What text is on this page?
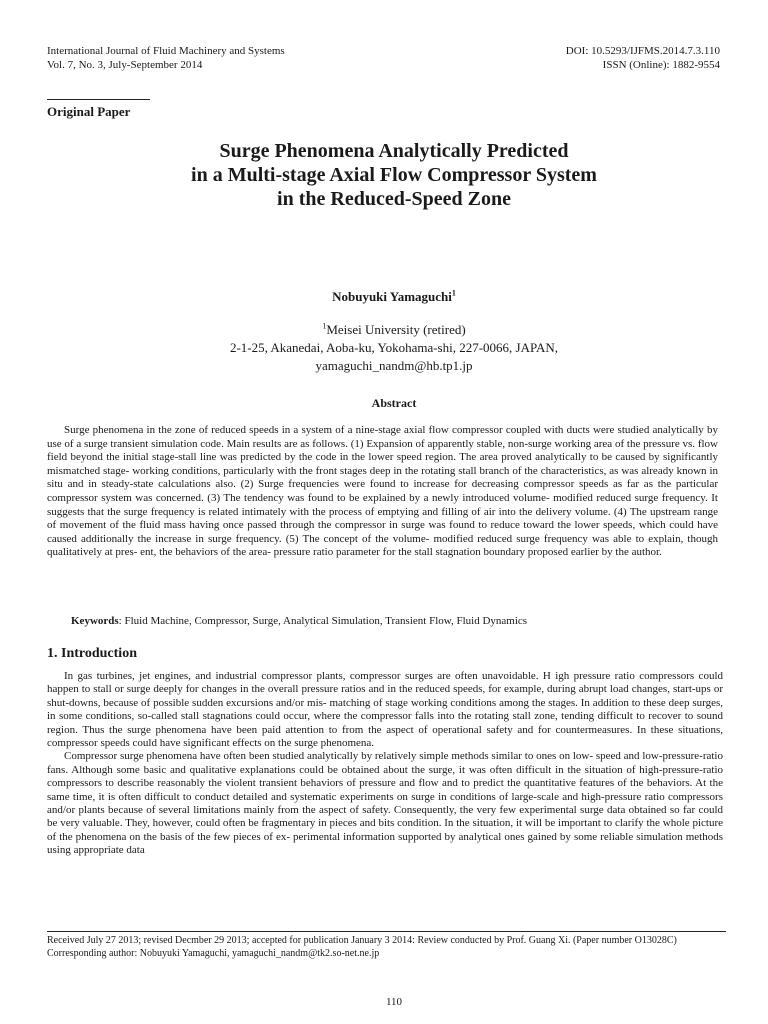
International Journal of Fluid Machinery and Systems
Vol. 7, No. 3, July-September 2014
DOI: 10.5293/IJFMS.2014.7.3.110
ISSN (Online): 1882-9554
Original Paper
Surge Phenomena Analytically Predicted
in a Multi-stage Axial Flow Compressor System
in the Reduced-Speed Zone
Nobuyuki Yamaguchi$^1$
$^1$Meisei University (retired)
2-1-25, Akanedai, Aoba-ku, Yokohama-shi, 227-0066, JAPAN,
yamaguchi_nandm@hb.tp1.jp
Abstract

Surge phenomena in the zone of reduced speeds in a system of a nine-stage axial flow compressor coupled with ducts were studied analytically by use of a surge transient simulation code. Main results are as follows. (1) Expansion of apparently stable, non-surge working area of the pressure vs. flow field beyond the initial stage-stall line was predicted by the code in the lower speed region. The area proved analytically to be caused by significantly mismatched stage- working conditions, particularly with the front stages deep in the rotating stall branch of the characteristics, as was already known in situ and in steady-state calculations also. (2) Surge frequencies were found to increase for decreasing compressor speeds as far as the particular compressor system was concerned. (3) The tendency was found to be explained by a newly introduced volume- modified reduced surge frequency. It suggests that the surge frequency is related intimately with the process of emptying and filling of air into the delivery volume. (4) The upstream range of movement of the fluid mass having once passed through the compressor in surge was found to reduce toward the lower speeds, which could have caused additionally the increase in surge frequency. (5) The concept of the volume- modified reduced surge frequency was able to explain, though qualitatively at pres- ent, the behaviors of the area- pressure ratio parameter for the stall stagnation boundary proposed earlier by the author.

Keywords: Fluid Machine, Compressor, Surge, Analytical Simulation, Transient Flow, Fluid Dynamics
1. Introduction

In gas turbines, jet engines, and industrial compressor plants, compressor surges are often unavoidable. H igh pressure ratio compressors could happen to stall or surge deeply for changes in the overall pressure ratios and in the reduced speeds, for example, during abrupt load changes, start-ups or shut-downs, because of possible sudden excursions and/or mis- matching of stage working conditions among the stages. In addition to these deep surges, in some conditions, so-called stall stagnations could occur, where the compressor falls into the rotating stall zone, tending difficult to recover to sound region. Thus the surge phenomena have been paid attention to from the aspect of operational safety and for countermeasures. In these situations, compressor speeds could have significant effects on the surge phenomena.

Compressor surge phenomena have often been studied analytically by relatively simple methods similar to ones on low- speed and low-pressure-ratio fans. Although some basic and qualitative explanations could be obtained about the surge, it was often difficult in the situation of high-pressure-ratio compressors to describe reasonably the violent transient behaviors of pressure and flow and to predict the quantitative features of the behaviors. At the same time, it is often difficult to conduct detailed and systematic experiments on surge in conditions of large-scale and high-pressure ratio compressors and/or plants because of several limitations mainly from the aspect of safety. Consequently, the very few experimental surge data obtained so far could be very valuable. They, however, could often be fragmentary in pieces and bits condition. In the situation, it will be important to clarify the whole picture of the phenomena on the basis of the few pieces of ex- perimental information supported by analytical ones gained by some reliable simulation methods using appropriate data

Received July 27 2013; revised Decmber 29 2013; accepted for publication January 3 2014: Review conducted by Prof. Guang Xi. (Paper number O13028C)
Corresponding author: Nobuyuki Yamaguchi, yamaguchi_nandm@tk2.so-net.ne.jp
110
